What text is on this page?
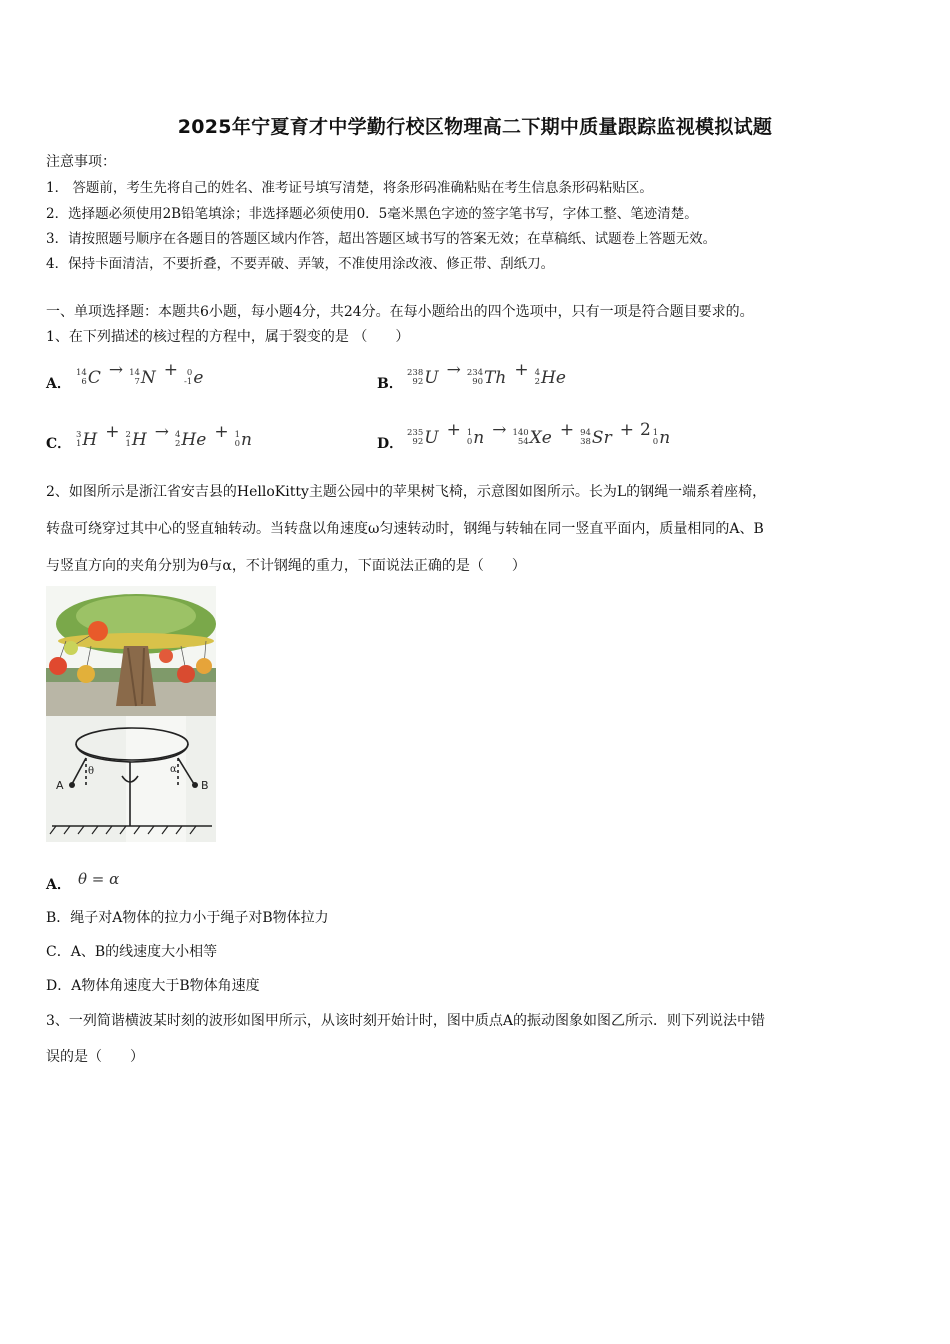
2025年宁夏育才中学勤行校区物理高二下期中质量跟踪监视模拟试题
注意事项：
1． 答题前，考生先将自己的姓名、准考证号填写清楚，将条形码准确粘贴在考生信息条形码粘贴区。
2．选择题必须使用2B铅笔填涂；非选择题必须使用0．5毫米黑色字迹的签字笔书写，字体工整、笔迹清楚。
3．请按照题号顺序在各题目的答题区域内作答，超出答题区域书写的答案无效；在草稿纸、试题卷上答题无效。
4．保持卡面清洁，不要折叠，不要弄破、弄皱，不准使用涂改液、修正带、刮纸刀。
一、单项选择题：本题共6小题，每小题4分，共24分。在每小题给出的四个选项中，只有一项是符合题目要求的。
1、在下列描述的核过程的方程中，属于裂变的是 （　　）
A．
14
6 C → 14
7 N +	0
-1 e	B．
238
92 U → 234
90 Th + 4
2 He
C．
3
1 H + 2
1 H → 4
2 He + 1
0 n	D．
235
92 U + 1
0 n → 140
54 Xe + 94
38 Sr + 2 1
0 n
2、如图所示是浙江省安吉县的HelloKitty主题公园中的苹果树飞椅，示意图如图所示。长为L的钢绳一端系着座椅，
转盘可绕穿过其中心的竖直轴转动。当转盘以角速度ω匀速转动时，钢绳与转轴在同一竖直平面内，质量相同的A、B
与竖直方向的夹角分别为θ与α，不计钢绳的重力，下面说法正确的是（　　）
A	B
θ	α
A． θ = α
B．绳子对A物体的拉力小于绳子对B物体拉力
C．A、B的线速度大小相等
D．A物体角速度大于B物体角速度
3、一列简谐横波某时刻的波形如图甲所示，从该时刻开始计时，图中质点A的振动图象如图乙所示．则下列说法中错
误的是（　　）
